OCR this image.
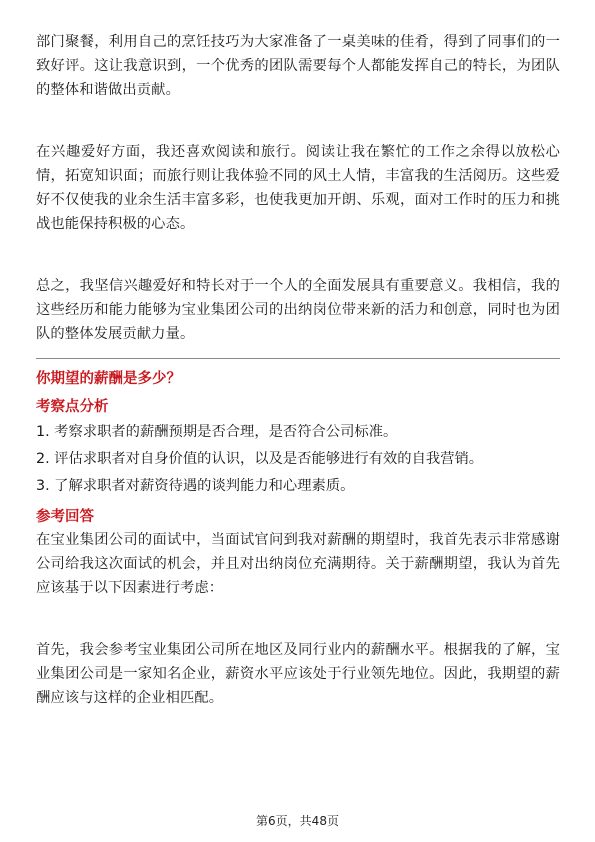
部门聚餐，利用自己的烹饪技巧为大家准备了一桌美味的佳肴，得到了同事们的一致好评。这让我意识到，一个优秀的团队需要每个人都能发挥自己的特长，为团队的整体和谐做出贡献。

在兴趣爱好方面，我还喜欢阅读和旅行。阅读让我在繁忙的工作之余得以放松心情，拓宽知识面；而旅行则让我体验不同的风土人情，丰富我的生活阅历。这些爱好不仅使我的业余生活丰富多彩，也使我更加开朗、乐观，面对工作时的压力和挑战也能保持积极的心态。

总之，我坚信兴趣爱好和特长对于一个人的全面发展具有重要意义。我相信，我的这些经历和能力能够为宝业集团公司的出纳岗位带来新的活力和创意，同时也为团队的整体发展贡献力量。

你期望的薪酬是多少？

考察点分析

1. 考察求职者的薪酬预期是否合理，是否符合公司标准。

2. 评估求职者对自身价值的认识，以及是否能够进行有效的自我营销。

3. 了解求职者对薪资待遇的谈判能力和心理素质。

参考回答

在宝业集团公司的面试中，当面试官问到我对薪酬的期望时，我首先表示非常感谢公司给我这次面试的机会，并且对出纳岗位充满期待。关于薪酬期望，我认为首先应该基于以下因素进行考虑：

首先，我会参考宝业集团公司所在地区及同行业内的薪酬水平。根据我的了解，宝业集团公司是一家知名企业，薪资水平应该处于行业领先地位。因此，我期望的薪酬应该与这样的企业相匹配。

第6页，共48页
